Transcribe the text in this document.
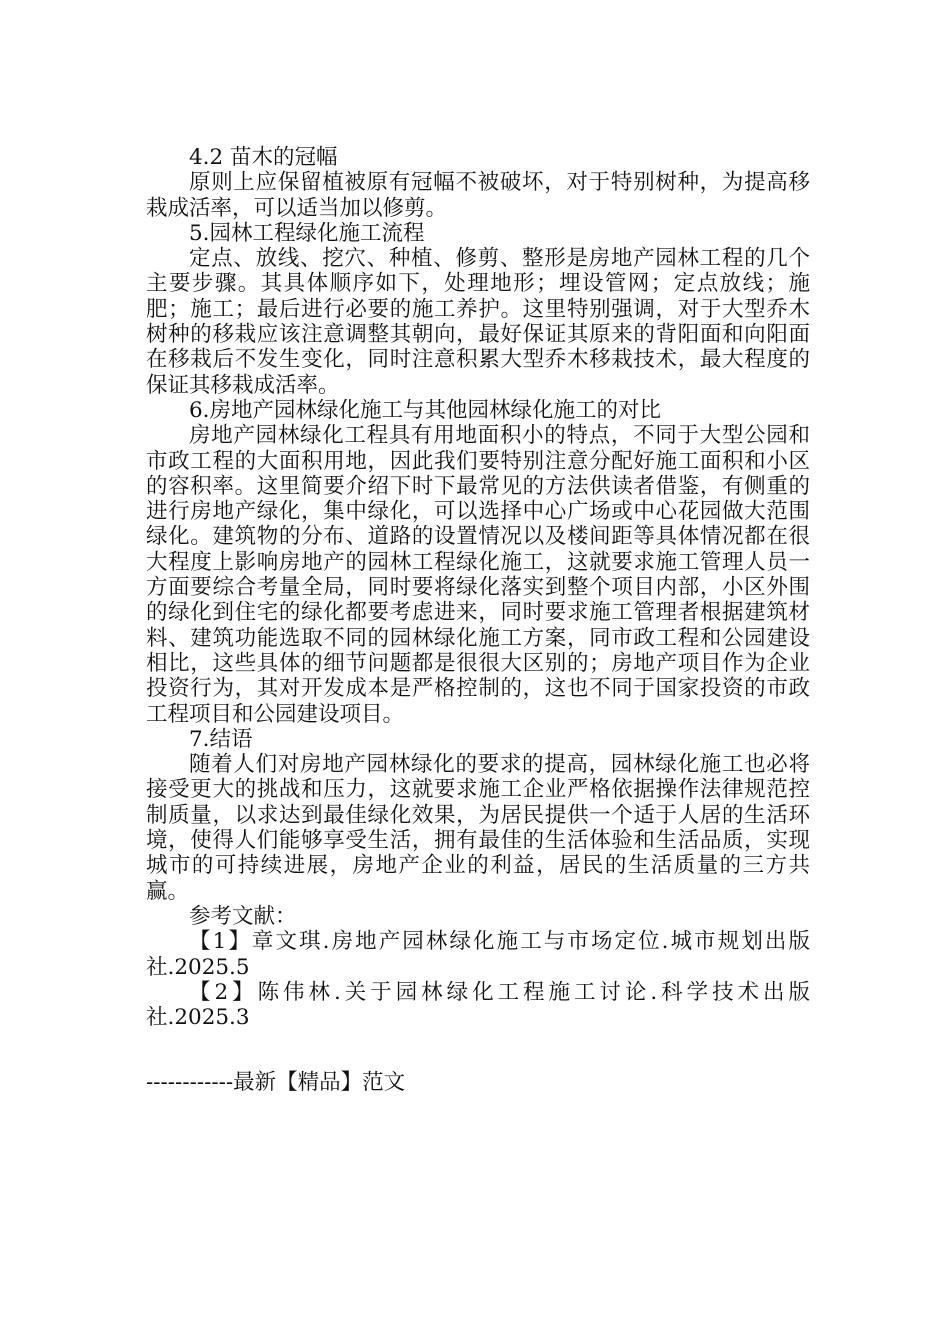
4.2 苗木的冠幅

原则上应保留植被原有冠幅不被破坏，对于特别树种，为提高移栽成活率，可以适当加以修剪。

5.园林工程绿化施工流程

定点、放线、挖穴、种植、修剪、整形是房地产园林工程的几个主要步骤。其具体顺序如下，处理地形；埋设管网；定点放线；施肥；施工；最后进行必要的施工养护。这里特别强调，对于大型乔木树种的移栽应该注意调整其朝向，最好保证其原来的背阳面和向阳面在移栽后不发生变化，同时注意积累大型乔木移栽技术，最大程度的保证其移栽成活率。

6.房地产园林绿化施工与其他园林绿化施工的对比

房地产园林绿化工程具有用地面积小的特点，不同于大型公园和市政工程的大面积用地，因此我们要特别注意分配好施工面积和小区的容积率。这里简要介绍下时下最常见的方法供读者借鉴，有侧重的进行房地产绿化，集中绿化，可以选择中心广场或中心花园做大范围绿化。建筑物的分布、道路的设置情况以及楼间距等具体情况都在很大程度上影响房地产的园林工程绿化施工，这就要求施工管理人员一方面要综合考量全局，同时要将绿化落实到整个项目内部，小区外围的绿化到住宅的绿化都要考虑进来，同时要求施工管理者根据建筑材料、建筑功能选取不同的园林绿化施工方案，同市政工程和公园建设相比，这些具体的细节问题都是很很大区别的；房地产项目作为企业投资行为，其对开发成本是严格控制的，这也不同于国家投资的市政工程项目和公园建设项目。

7.结语

随着人们对房地产园林绿化的要求的提高，园林绿化施工也必将接受更大的挑战和压力，这就要求施工企业严格依据操作法律规范控制质量，以求达到最佳绿化效果，为居民提供一个适于人居的生活环境，使得人们能够享受生活，拥有最佳的生活体验和生活品质，实现城市的可持续进展，房地产企业的利益，居民的生活质量的三方共赢。

参考文献：

【1】章文琪.房地产园林绿化施工与市场定位.城市规划出版社.2025.5

【2】陈伟林.关于园林绿化工程施工讨论.科学技术出版社.2025.3

------------最新【精品】范文
